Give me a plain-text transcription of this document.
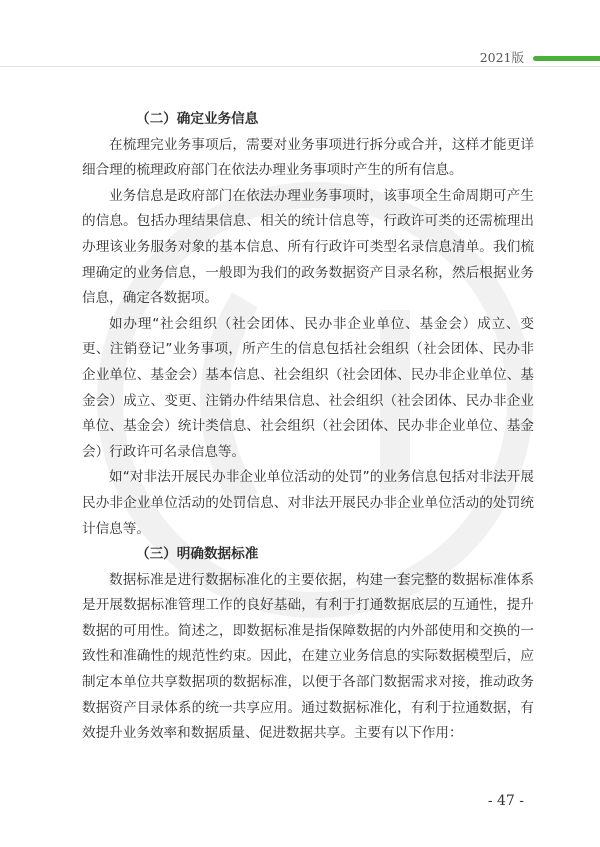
2021版

（二）确定业务信息

在梳理完业务事项后，需要对业务事项进行拆分或合并，这样才能更详细合理的梳理政府部门在依法办理业务事项时产生的所有信息。

业务信息是政府部门在依法办理业务事项时，该事项全生命周期可产生的信息。包括办理结果信息、相关的统计信息等，行政许可类的还需梳理出办理该业务服务对象的基本信息、所有行政许可类型名录信息清单。我们梳理确定的业务信息，一般即为我们的政务数据资产目录名称，然后根据业务信息，确定各数据项。

如办理“社会组织（社会团体、民办非企业单位、基金会）成立、变更、注销登记”业务事项，所产生的信息包括社会组织（社会团体、民办非企业单位、基金会）基本信息、社会组织（社会团体、民办非企业单位、基金会）成立、变更、注销办件结果信息、社会组织（社会团体、民办非企业单位、基金会）统计类信息、社会组织（社会团体、民办非企业单位、基金会）行政许可名录信息等。

如“对非法开展民办非企业单位活动的处罚”的业务信息包括对非法开展民办非企业单位活动的处罚信息、对非法开展民办非企业单位活动的处罚统计信息等。

（三）明确数据标准

数据标准是进行数据标准化的主要依据，构建一套完整的数据标准体系是开展数据标准管理工作的良好基础，有利于打通数据底层的互通性，提升数据的可用性。简述之，即数据标准是指保障数据的内外部使用和交换的一致性和准确性的规范性约束。因此，在建立业务信息的实际数据模型后，应制定本单位共享数据项的数据标准，以便于各部门数据需求对接，推动政务数据资产目录体系的统一共享应用。通过数据标准化，有利于拉通数据，有效提升业务效率和数据质量、促进数据共享。主要有以下作用：

- 47 -
